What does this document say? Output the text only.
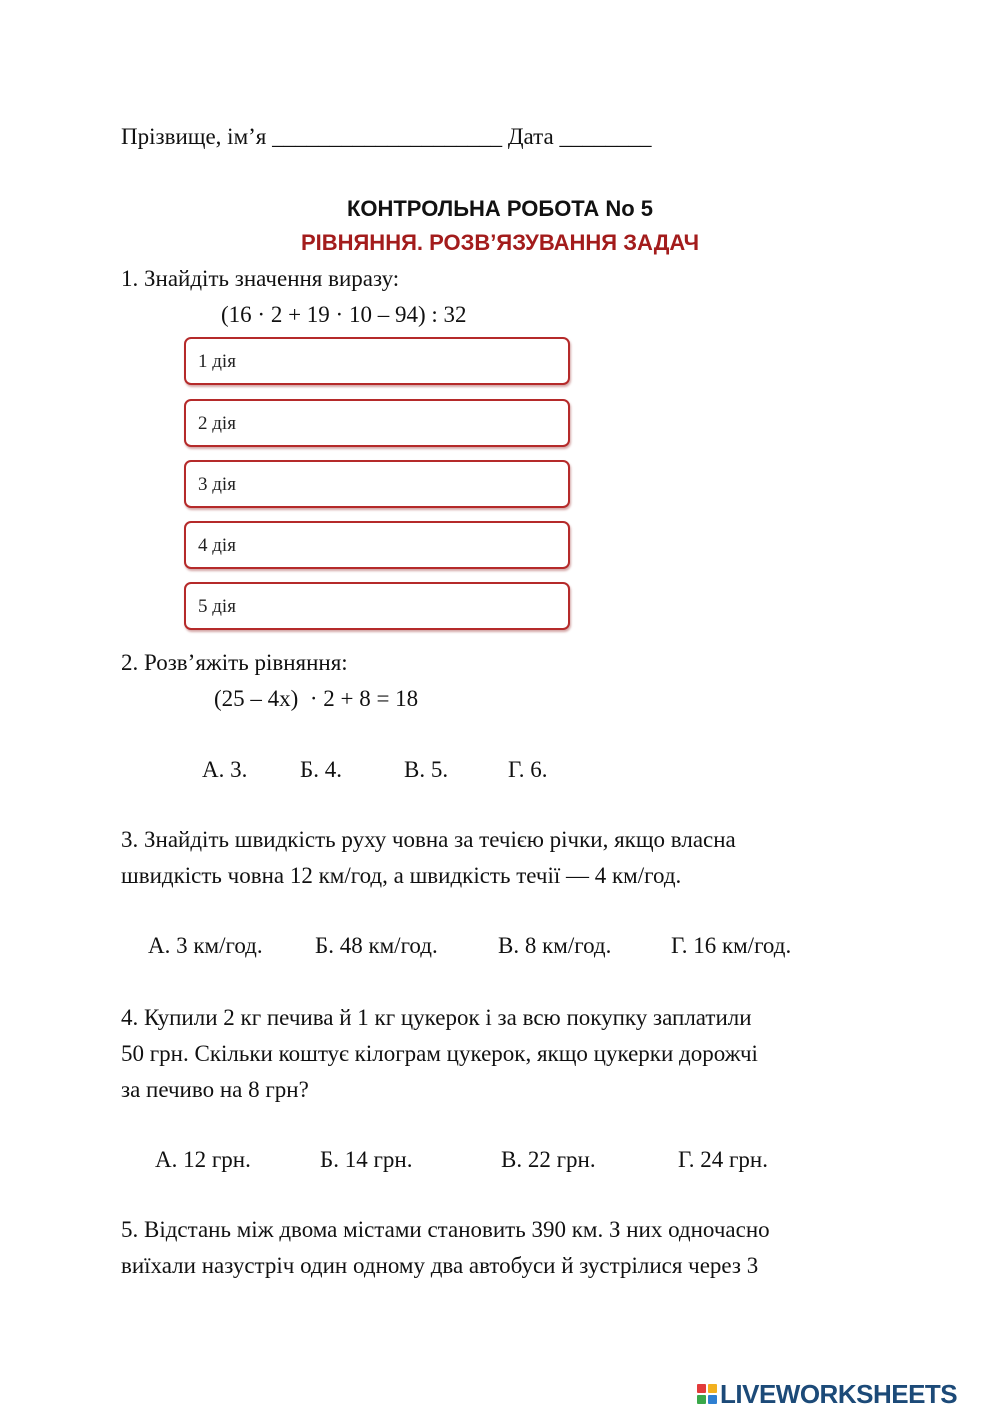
Прізвище, ім’я ____________________ Дата ________
КОНТРОЛЬНА РОБОТА No 5
РІВНЯННЯ. РОЗВ’ЯЗУВАННЯ ЗАДАЧ
1. Знайдіть значення виразу:
(16 · 2 + 19 · 10 – 94) : 32
1 дія
2 дія
3 дія
4 дія
5 дія
2. Розв’яжіть рівняння:
(25 – 4х)  · 2 + 8 = 18
А. 3. Б. 4.	В. 5.	Г. 6.
3. Знайдіть швидкість руху човна за течією річки, якщо власна
швидкість човна 12 км/год, а швидкість течії — 4 км/год.
А. 3 км/год. Б. 48 км/год.	В. 8 км/год.	Г. 16 км/год.
4. Купили 2 кг печива й 1 кг цукерок і за всю покупку заплатили
50 грн. Скільки коштує кілограм цукерок, якщо цукерки дорожчі
за печиво на 8 грн?
А. 12 грн.	Б. 14 грн.	В. 22 грн.	Г. 24 грн.
5. Відстань між двома містами становить 390 км. З них одночасно
виїхали назустріч один одному два автобуси й зустрілися через 3
LIVEWORKSHEETS
